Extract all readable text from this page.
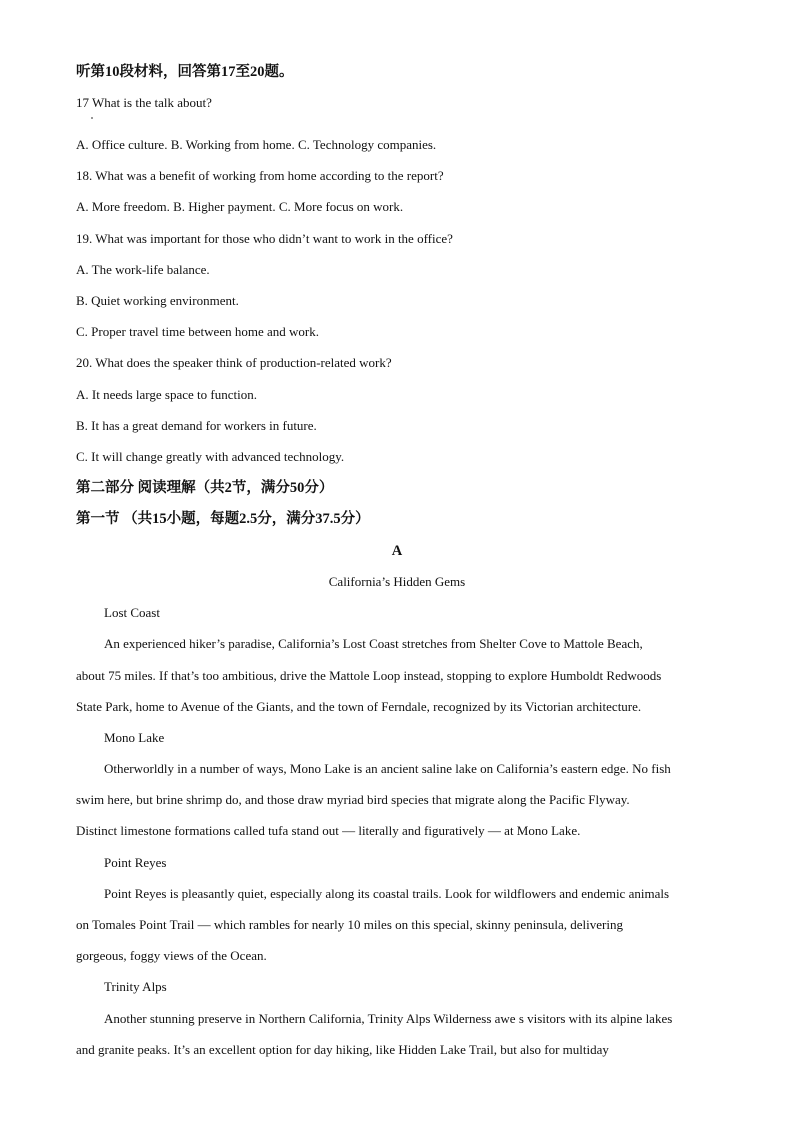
听第10段材料，回答第17至20题。
17 What is the talk about?
A. Office culture. B. Working from home. C. Technology companies.
18. What was a benefit of working from home according to the report?
A. More freedom. B. Higher payment. C. More focus on work.
19. What was important for those who didn’t want to work in the office?
A. The work-life balance.
B. Quiet working environment.
C. Proper travel time between home and work.
20. What does the speaker think of production-related work?
A. It needs large space to function.
B. It has a great demand for workers in future.
C. It will change greatly with advanced technology.
第二部分 阅读理解（共2节，满分50分）
第一节 （共15小题，每题2.5分，满分37.5分）
A
California’s Hidden Gems
Lost Coast
An experienced hiker’s paradise, California’s Lost Coast stretches from Shelter Cove to Mattole Beach,
about 75 miles. If that’s too ambitious, drive the Mattole Loop instead, stopping to explore Humboldt Redwoods
State Park, home to Avenue of the Giants, and the town of Ferndale, recognized by its Victorian architecture.
Mono Lake
Otherworldly in a number of ways, Mono Lake is an ancient saline lake on California’s eastern edge. No fish
swim here, but brine shrimp do, and those draw myriad bird species that migrate along the Pacific Flyway.
Distinct limestone formations called tufa stand out — literally and figuratively — at Mono Lake.
Point Reyes
Point Reyes is pleasantly quiet, especially along its coastal trails. Look for wildflowers and endemic animals
on Tomales Point Trail — which rambles for nearly 10 miles on this special, skinny peninsula, delivering
gorgeous, foggy views of the Ocean.
Trinity Alps
Another stunning preserve in Northern California, Trinity Alps Wilderness awe s visitors with its alpine lakes
and granite peaks. It’s an excellent option for day hiking, like Hidden Lake Trail, but also for multiday
